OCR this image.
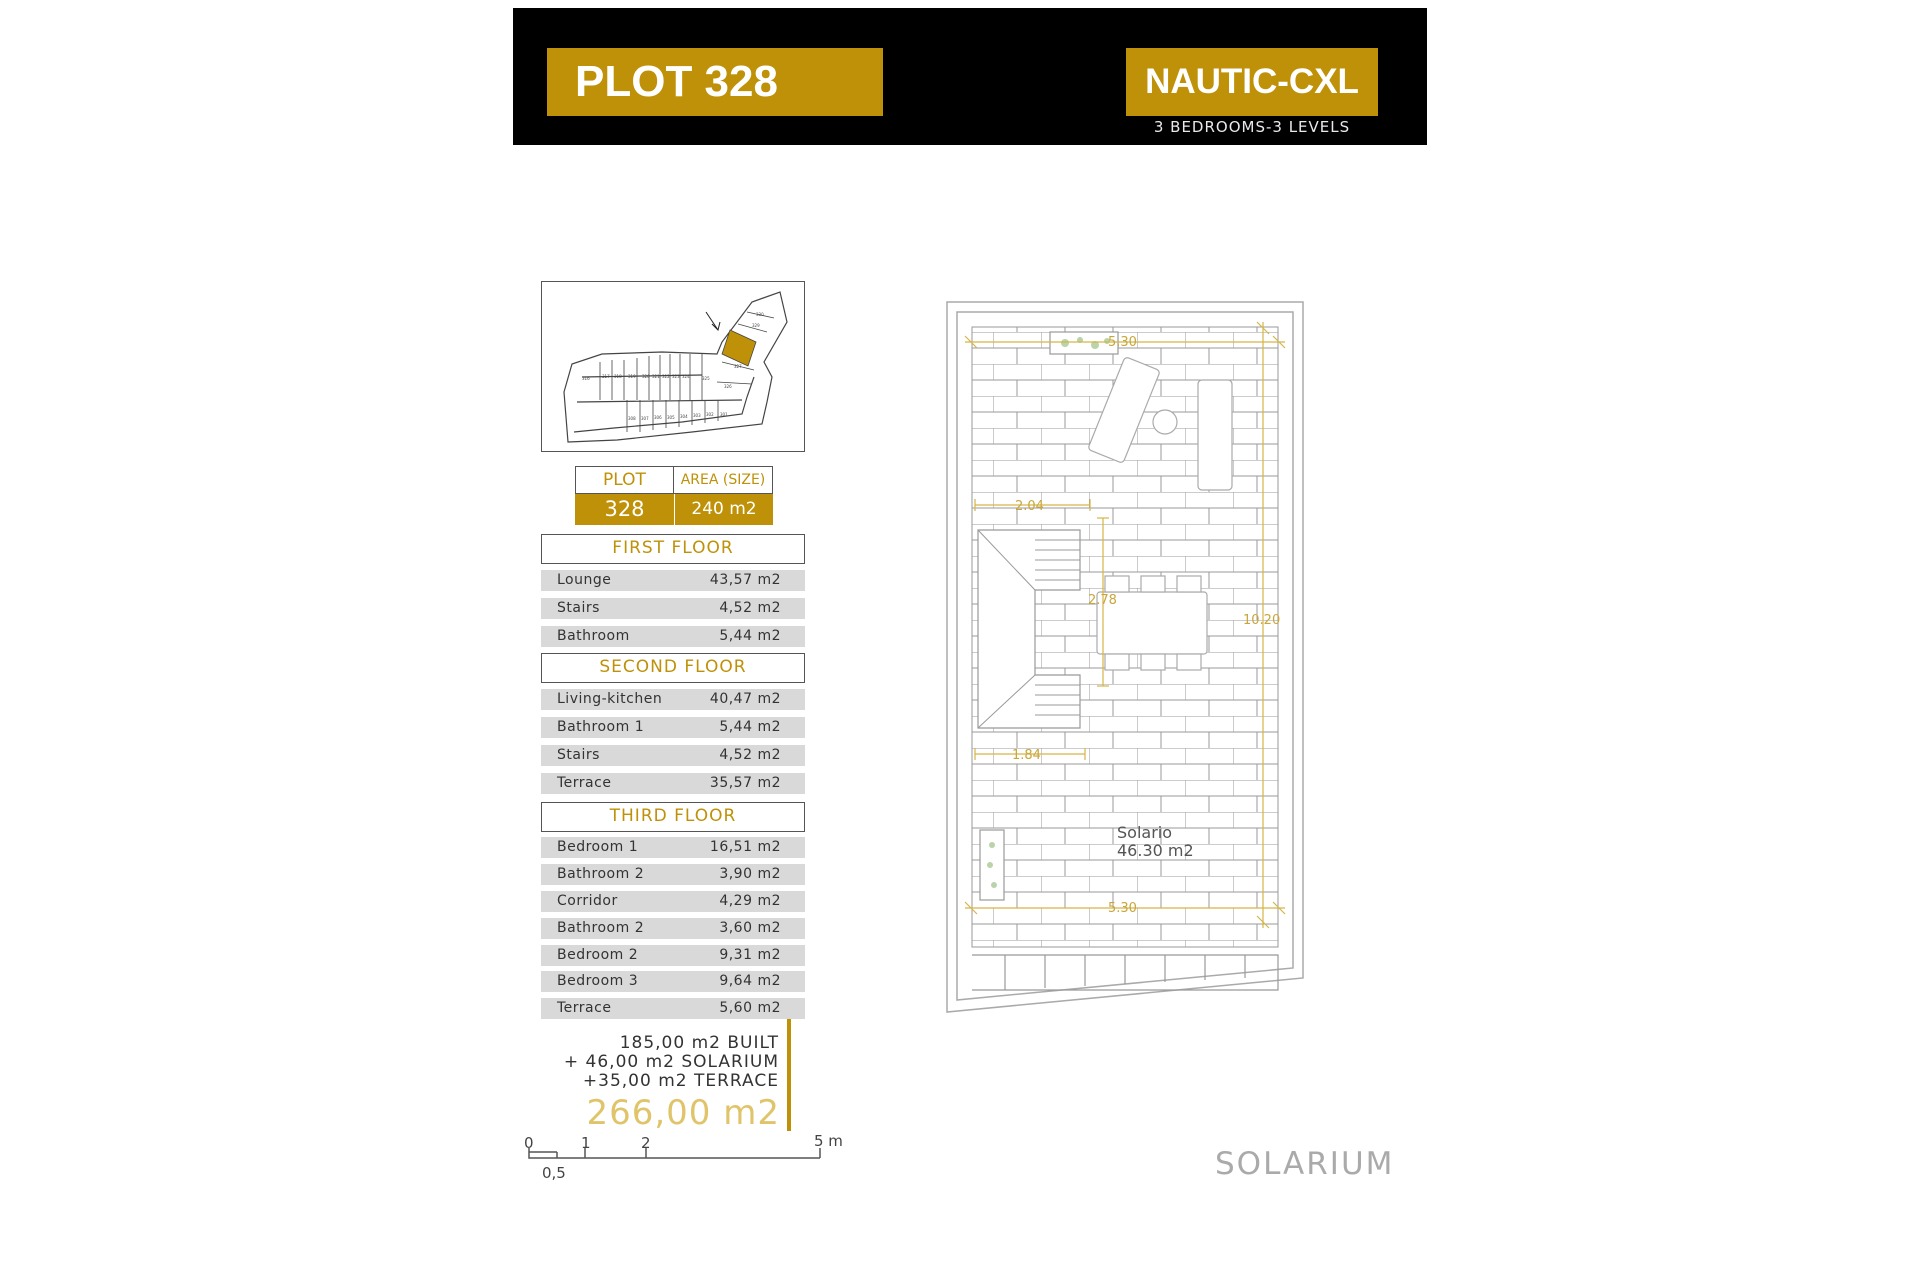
PLOT 328	NAUTIC-CXL
3 BEDROOMS-3 LEVELS
316	317 318 319 320 321 322 323 324	325
326
327
329
330
308 307 306 305 304 303 302 301
PLOT	AREA (SIZE)
328	240 m2
FIRST FLOOR
Lounge	43,57 m2
Stairs	4,52 m2
Bathroom	5,44 m2
SECOND FLOOR
Living-kitchen	40,47 m2
Bathroom 1	5,44 m2
Stairs	4,52 m2
Terrace	35,57 m2
THIRD FLOOR
Bedroom 1	16,51 m2
Bathroom 2	3,90 m2
Corridor	4,29 m2
Bathroom 2	3,60 m2
Bedroom 2	9,31 m2
Bedroom 3	9,64 m2
Terrace	5,60 m2
185,00 m2 BUILT
+ 46,00 m2 SOLARIUM
+35,00 m2 TERRACE
266,00 m2
0	1	2	5 m
0,5
5.30
5.30
2.04
1.84
2.78
10.20
Solario
46.30 m2
SOLARIUM
